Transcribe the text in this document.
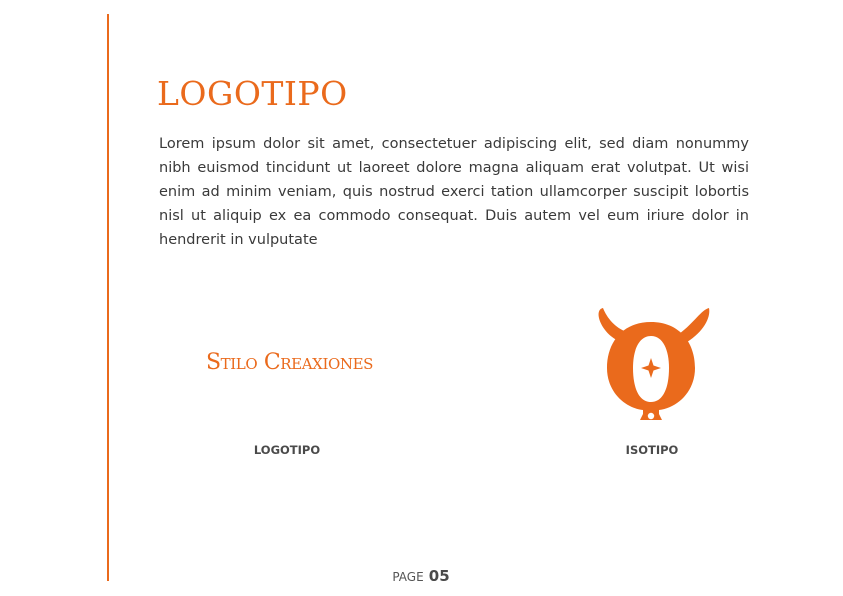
LOGOTIPO

Lorem ipsum dolor sit amet, consectetuer adipiscing elit, sed diam nonummy nibh euismod tincidunt ut laoreet dolore magna aliquam erat volutpat. Ut wisi enim ad minim veniam, quis nostrud exerci tation ullamcorper suscipit lobortis nisl ut aliquip ex ea commodo consequat. Duis autem vel eum iriure dolor in hendrerit in vulputate

Stilo Creaxiones
LOGOTIPO	ISOTIPO
PAGE 05
